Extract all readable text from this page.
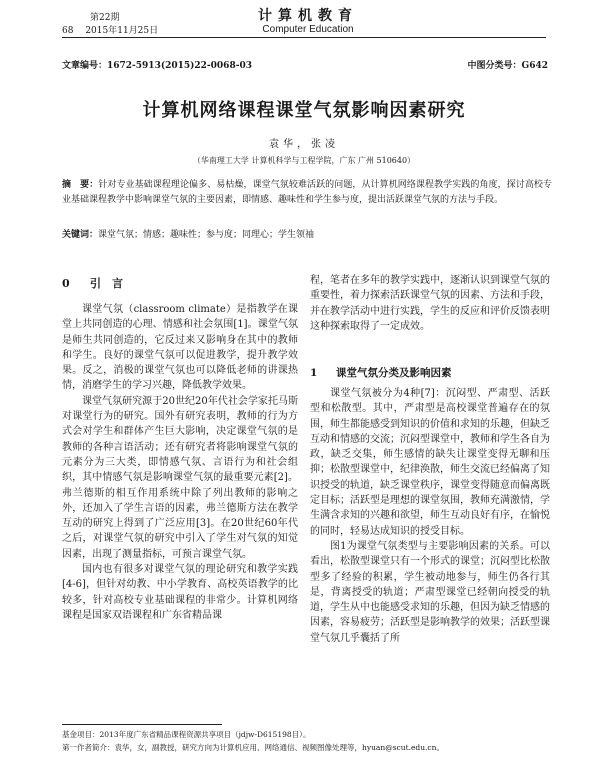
第22期
68　 2015年11月25日
计算机教育
Computer Education
文章编号：1672-5913(2015)22-0068-03	中图分类号：G642
计算机网络课程课堂气氛影响因素研究
袁华，张凌
（华南理工大学 计算机科学与工程学院，广东 广州 510640）
摘　要：针对专业基础课程理论偏多、易枯燥，课堂气氛较难活跃的问题，从计算机网络课程教学实践的角度，探讨高校专业基础课程教学中影响课堂气氛的主要因素，即情感、趣味性和学生参与度，提出活跃课堂气氛的方法与手段。
关键词：课堂气氛；情感；趣味性；参与度；同理心；学生领袖
0 引　言

课堂气氛（classroom climate）是指教学在课堂上共同创造的心理、情感和社会氛围[1]。课堂气氛是师生共同创造的，它反过来又影响身在其中的教师和学生。良好的课堂气氛可以促进教学，提升教学效果。反之，消极的课堂气氛也可以降低老师的讲课热情，消磨学生的学习兴趣，降低教学效果。

课堂气氛研究源于20世纪20年代社会学家托马斯对课堂行为的研究。国外有研究表明，教师的行为方式会对学生和群体产生巨大影响，决定课堂气氛的是教师的各种言语活动；还有研究者将影响课堂气氛的元素分为三大类，即情感气氛、言语行为和社会组织，其中情感气氛是影响课堂气氛的最重要元素[2]。弗兰德斯的相互作用系统中除了列出教师的影响之外，还加入了学生言语的因素，弗兰德斯方法在教学互动的研究上得到了广泛应用[3]。在20世纪60年代之后，对课堂气氛的研究中引入了学生对气氛的知觉因素，出现了测量指标，可预言课堂气氛。

国内也有很多对课堂气氛的理论研究和教学实践[4-6]，但针对幼教、中小学教育、高校英语教学的比较多，针对高校专业基础课程的非常少。计算机网络课程是国家双语课程和广东省精品课

程，笔者在多年的教学实践中，逐渐认识到课堂气氛的重要性，着力探索活跃课堂气氛的因素、方法和手段，并在教学活动中进行实践，学生的反应和评价反馈表明这种探索取得了一定成效。

1 课堂气氛分类及影响因素

课堂气氛被分为4种[7]：沉闷型、严肃型、活跃型和松散型。其中，严肃型是高校课堂普遍存在的氛围，师生都能感受到知识的价值和求知的乐趣，但缺乏互动和情感的交流；沉闷型课堂中，教师和学生各自为政，缺乏交集，师生感情的缺失让课堂变得无聊和压抑；松散型课堂中，纪律涣散，师生交流已经偏离了知识授受的轨道，缺乏课堂秩序，课堂变得随意而偏离既定目标；活跃型是理想的课堂氛围，教师充满激情，学生满含求知的兴趣和欲望，师生互动良好有序，在愉悦的同时，轻易达成知识的授受目标。

图1为课堂气氛类型与主要影响因素的关系。可以看出，松散型课堂只有一个形式的课堂；沉闷型比松散型多了经验的积累，学生被动地参与，师生仍各行其是，背离授受的轨道；严肃型课堂已经朝向授受的轨道，学生从中也能感受求知的乐趣，但因为缺乏情感的因素，容易疲劳；活跃型是影响教学的效果；活跃型课堂气氛几乎囊括了所

基金项目：2013年度广东省精品课程资源共享项目（jdjw-D615198目）。
第一作者简介：袁华，女，副教授，研究方向为计算机应用、网络通信、视频图像处理等，hyuan@scut.edu.cn。
